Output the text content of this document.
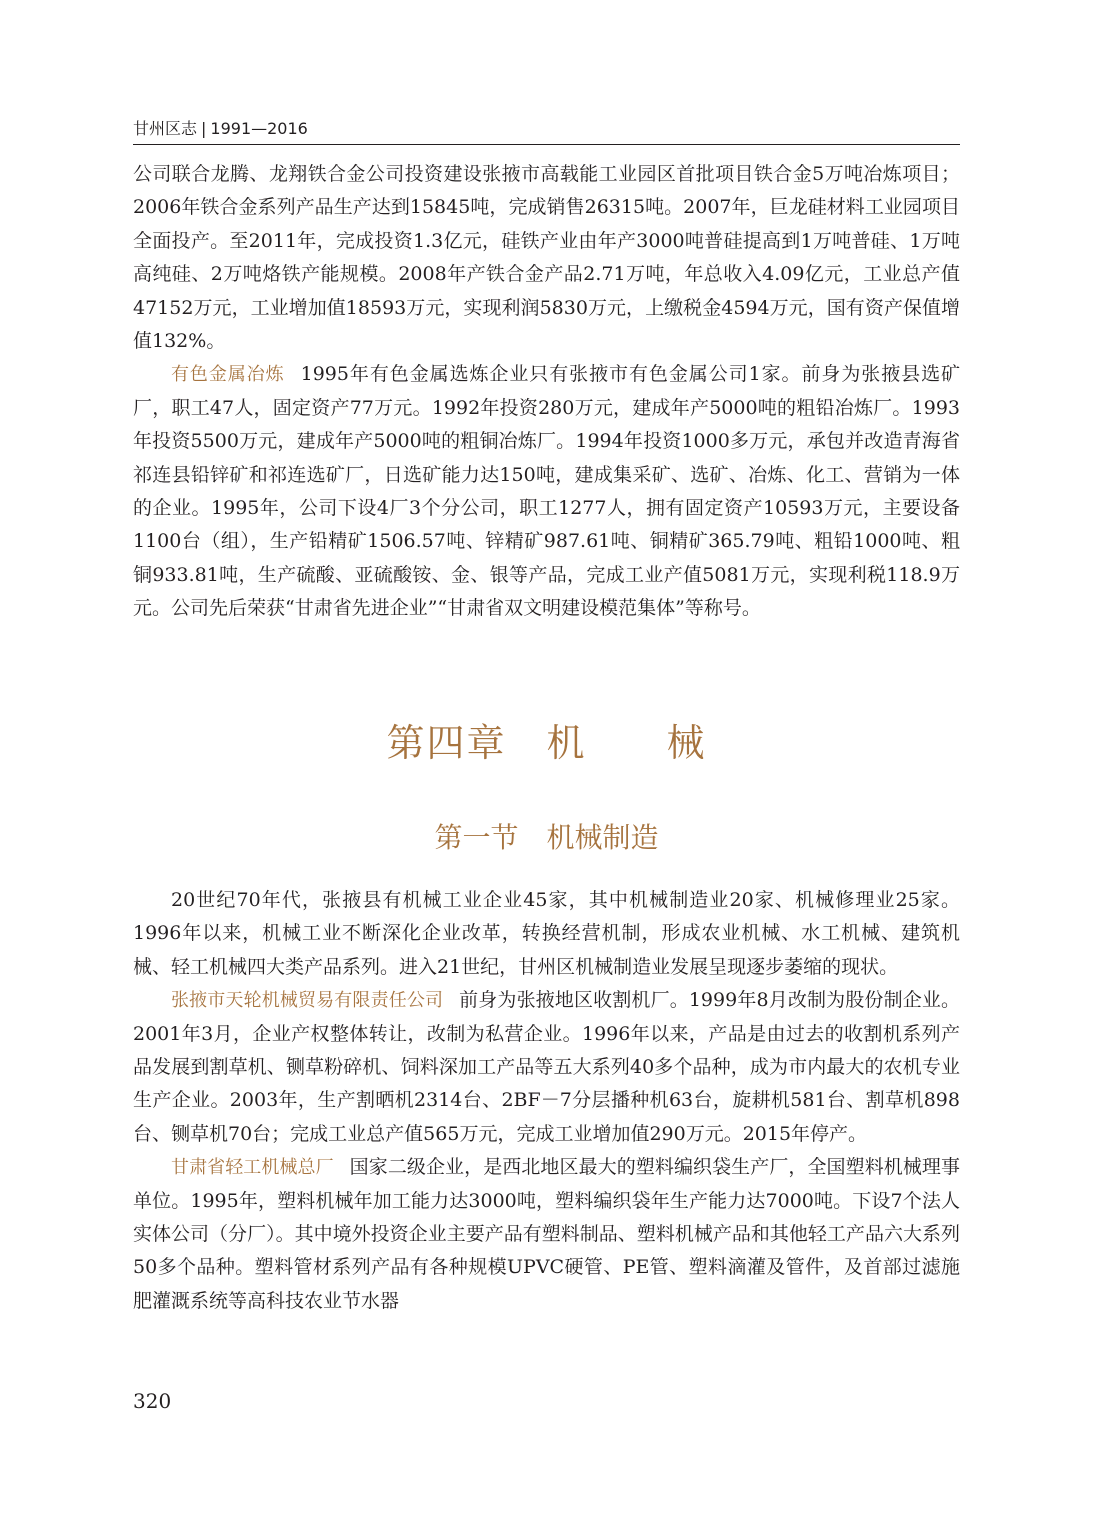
甘州区志 | 1991—2016

公司联合龙腾、龙翔铁合金公司投资建设张掖市高载能工业园区首批项目铁合金5万吨冶炼项目；2006年铁合金系列产品生产达到15845吨，完成销售26315吨。2007年，巨龙硅材料工业园项目全面投产。至2011年，完成投资1.3亿元，硅铁产业由年产3000吨普硅提高到1万吨普硅、1万吨高纯硅、2万吨烙铁产能规模。2008年产铁合金产品2.71万吨，年总收入4.09亿元，工业总产值47152万元，工业增加值18593万元，实现利润5830万元，上缴税金4594万元，国有资产保值增值132%。

有色金属冶炼 1995年有色金属选炼企业只有张掖市有色金属公司1家。前身为张掖县选矿厂，职工47人，固定资产77万元。1992年投资280万元，建成年产5000吨的粗铅冶炼厂。1993年投资5500万元，建成年产5000吨的粗铜冶炼厂。1994年投资1000多万元，承包并改造青海省祁连县铅锌矿和祁连选矿厂，日选矿能力达150吨，建成集采矿、选矿、冶炼、化工、营销为一体的企业。1995年，公司下设4厂3个分公司，职工1277人，拥有固定资产10593万元，主要设备1100台（组），生产铅精矿1506.57吨、锌精矿987.61吨、铜精矿365.79吨、粗铅1000吨、粗铜933.81吨，生产硫酸、亚硫酸铵、金、银等产品，完成工业产值5081万元，实现利税118.9万元。公司先后荣获“甘肃省先进企业”“甘肃省双文明建设模范集体”等称号。

第四章　机　　械
第一节　机械制造

20世纪70年代，张掖县有机械工业企业45家，其中机械制造业20家、机械修理业25家。1996年以来，机械工业不断深化企业改革，转换经营机制，形成农业机械、水工机械、建筑机械、轻工机械四大类产品系列。进入21世纪，甘州区机械制造业发展呈现逐步萎缩的现状。

张掖市天轮机械贸易有限责任公司 前身为张掖地区收割机厂。1999年8月改制为股份制企业。2001年3月，企业产权整体转让，改制为私营企业。1996年以来，产品是由过去的收割机系列产品发展到割草机、铡草粉碎机、饲料深加工产品等五大系列40多个品种，成为市内最大的农机专业生产企业。2003年，生产割晒机2314台、2BF－7分层播种机63台，旋耕机581台、割草机898台、铡草机70台；完成工业总产值565万元，完成工业增加值290万元。2015年停产。

甘肃省轻工机械总厂 国家二级企业，是西北地区最大的塑料编织袋生产厂，全国塑料机械理事单位。1995年，塑料机械年加工能力达3000吨，塑料编织袋年生产能力达7000吨。下设7个法人实体公司（分厂）。其中境外投资企业主要产品有塑料制品、塑料机械产品和其他轻工产品六大系列50多个品种。塑料管材系列产品有各种规模UPVC硬管、PE管、塑料滴灌及管件，及首部过滤施肥灌溉系统等高科技农业节水器

320
